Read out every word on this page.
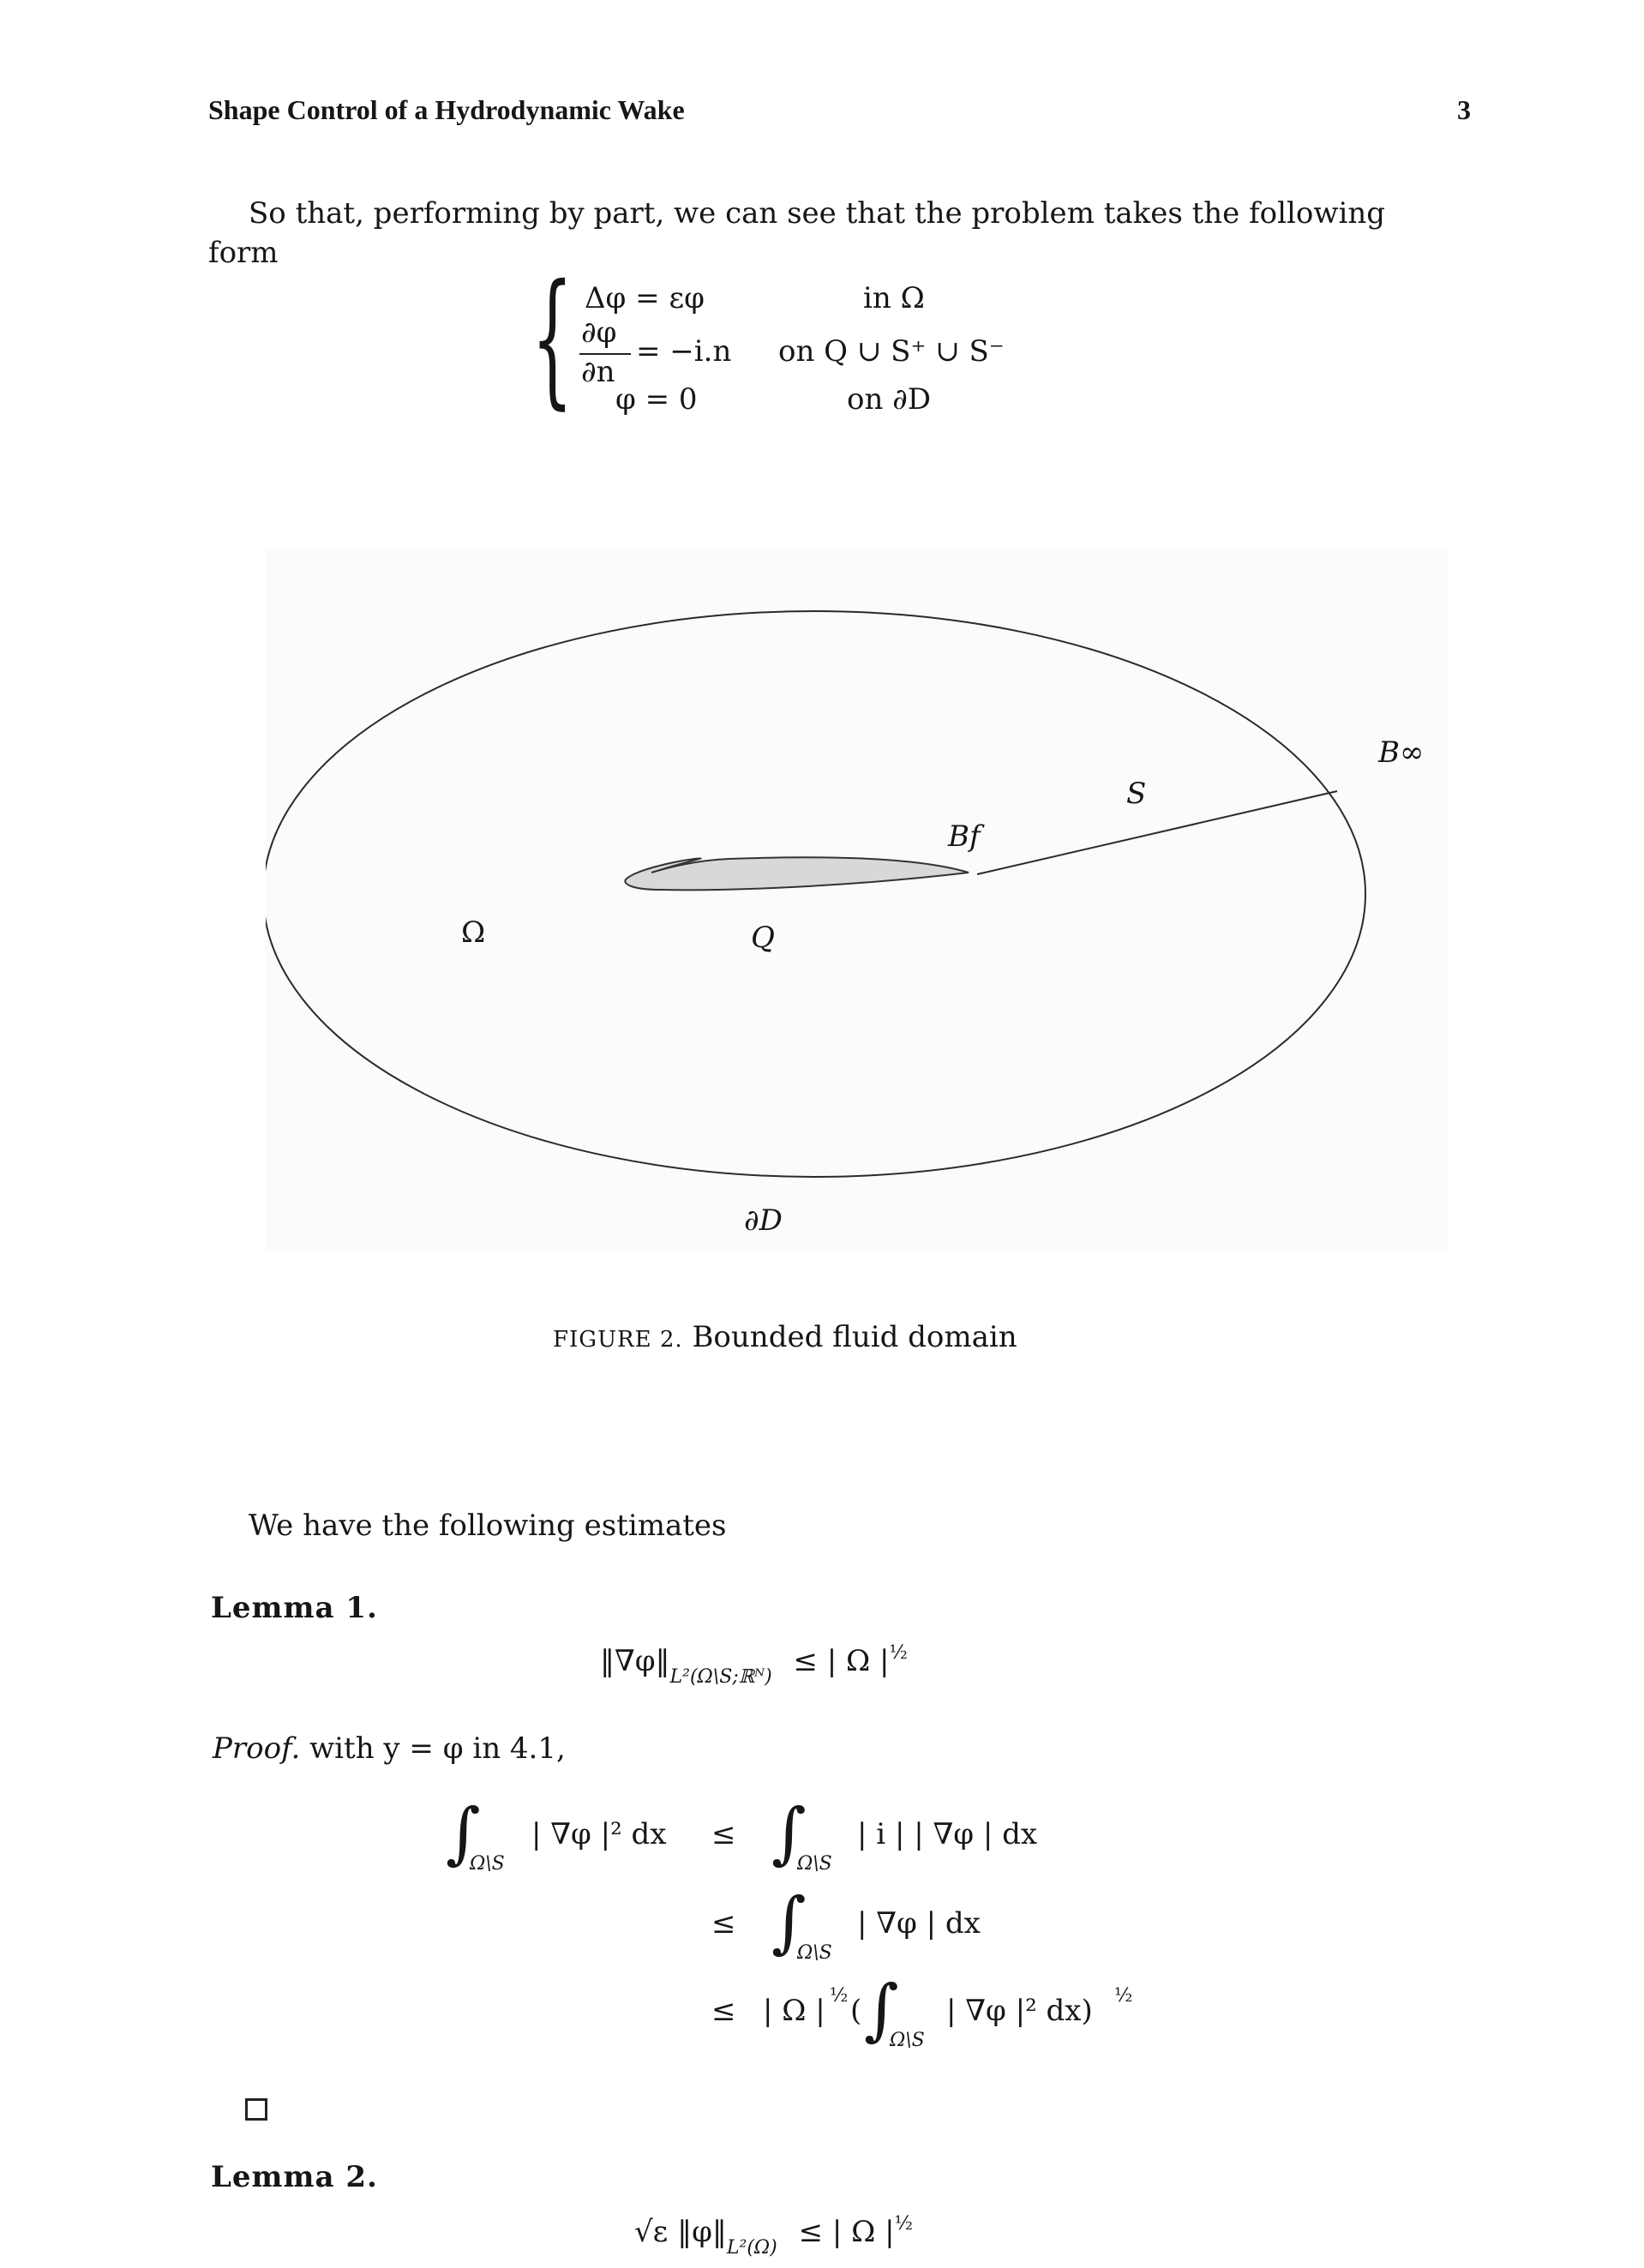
Shape Control of a Hydrodynamic Wake	3
So that, performing by part, we can see that the problem takes the following
form
{ Δφ = εφ	in Ω
∂φ
∂n
= −i.n on Q ∪ S⁺ ∪ S⁻
φ = 0	on ∂D
B∞
S
Bf
Ω	Q
∂D
FIGURE 2. Bounded fluid domain
We have the following estimates
Lemma 1.
$‖\nabla\varphi‖_{L^2(\Omega\backslash S;ℝᴺ)}$ ≤ | Ω $|^{\frac{1}{2}}$
Proof. with y = φ in 4.1,
∫
Ω\S
| ∇φ |² dx ≤ ∫
Ω\S
| i | | ∇φ | dx
≤ ∫
Ω\S
| ∇φ | dx
≤ | Ω | ½ ( ∫
Ω\S
| ∇φ |² dx) ½
Lemma 2.
√ε $‖\varphi‖_{L^2(\Omega)}$ ≤ | Ω $|^{\frac{1}{2}}$
